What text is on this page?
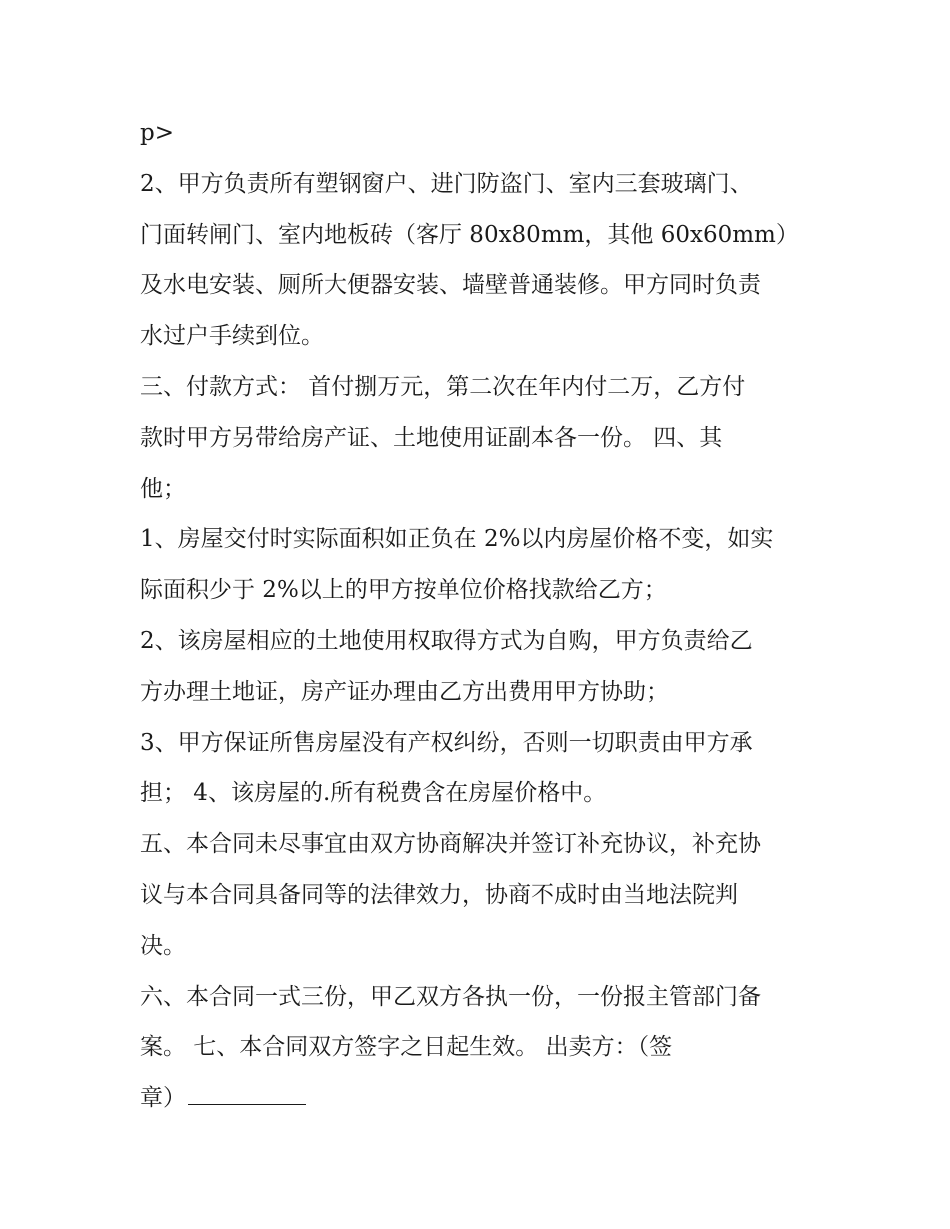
p>
2、甲方负责所有塑钢窗户、进门防盗门、室内三套玻璃门、
门面转闸门、室内地板砖（客厅 80x80mm，其他 60x60mm）
及水电安装、厕所大便器安装、墙壁普通装修。甲方同时负责
水过户手续到位。
三、付款方式： 首付捌万元，第二次在年内付二万，乙方付
款时甲方另带给房产证、土地使用证副本各一份。 四、其
他；
1、房屋交付时实际面积如正负在 2%以内房屋价格不变，如实
际面积少于 2%以上的甲方按单位价格找款给乙方；
2、该房屋相应的土地使用权取得方式为自购，甲方负责给乙
方办理土地证，房产证办理由乙方出费用甲方协助；
3、甲方保证所售房屋没有产权纠纷，否则一切职责由甲方承
担； 4、该房屋的.所有税费含在房屋价格中。
五、本合同未尽事宜由双方协商解决并签订补充协议，补充协
议与本合同具备同等的法律效力，协商不成时由当地法院判
决。
六、本合同一式三份，甲乙双方各执一份，一份报主管部门备
案。 七、本合同双方签字之日起生效。 出卖方：（签
章）
